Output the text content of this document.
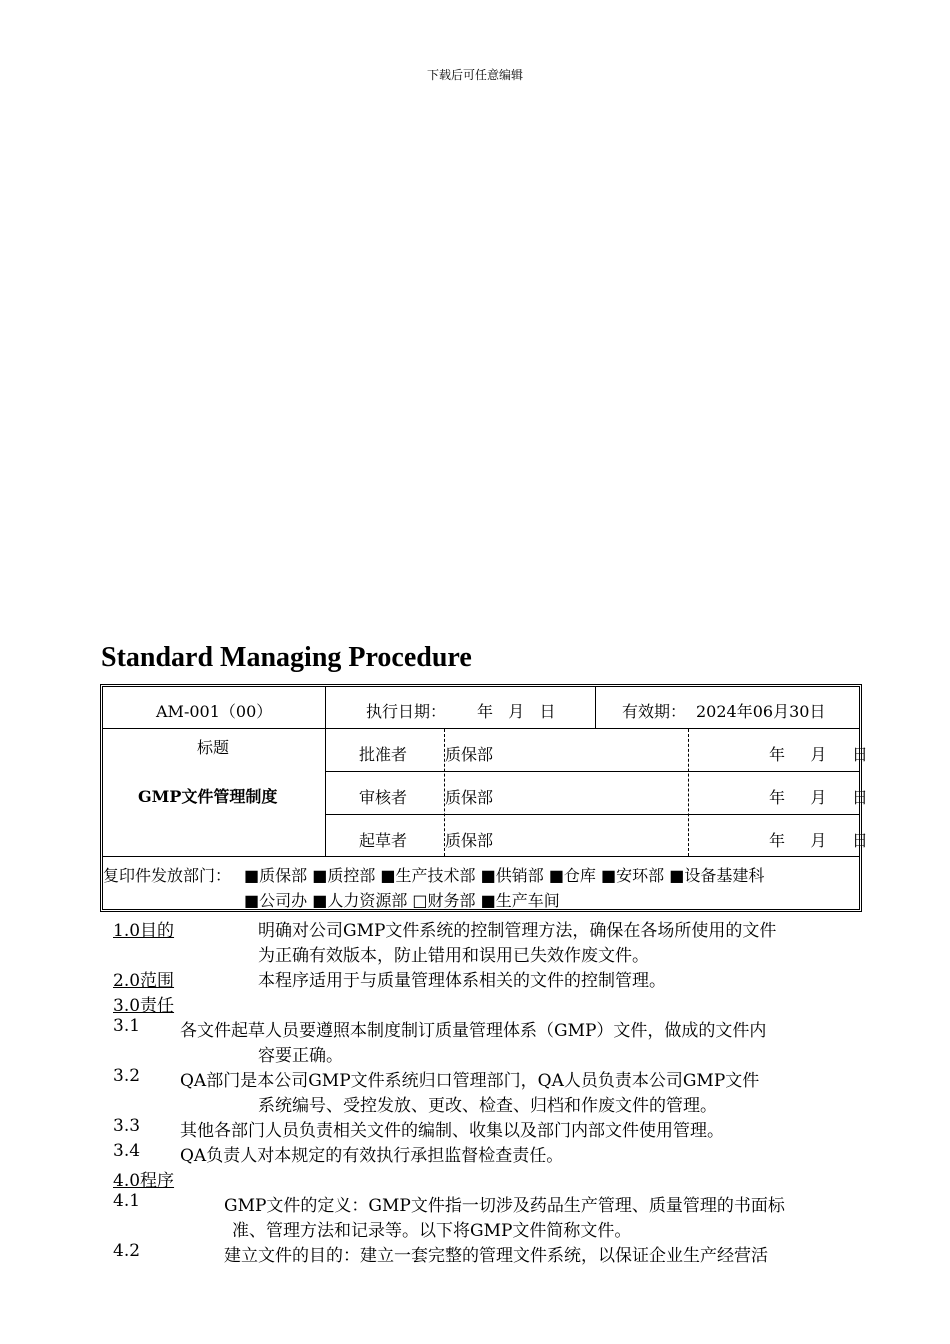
下载后可任意编辑
Standard Managing Procedure
AM-001（00）	执行日期： 年   月   日	有效期： 2024年06月30日
标题
GMP文件管理制度
批准者 质保部	年     月     日
审核者 质保部	年     月     日
起草者 质保部	年     月     日
复印件发放部门： ■质保部 ■质控部 ■生产技术部 ■供销部 ■仓库 ■安环部 ■设备基建科
■公司办 ■人力资源部 □财务部 ■生产车间
1.0目的	明确对公司GMP文件系统的控制管理方法，确保在各场所使用的文件
为正确有效版本，防止错用和误用已失效作废文件。
2.0范围	本程序适用于与质量管理体系相关的文件的控制管理。
3.0责任
3.1 各文件起草人员要遵照本制度制订质量管理体系（GMP）文件，做成的文件内
容要正确。
3.2 QA部门是本公司GMP文件系统归口管理部门，QA人员负责本公司GMP文件
系统编号、受控发放、更改、检查、归档和作废文件的管理。
3.3 其他各部门人员负责相关文件的编制、收集以及部门内部文件使用管理。
3.4 QA负责人对本规定的有效执行承担监督检查责任。
4.0程序
4.1	GMP文件的定义：GMP文件指一切涉及药品生产管理、质量管理的书面标
准、管理方法和记录等。以下将GMP文件简称文件。
4.2	建立文件的目的：建立一套完整的管理文件系统，以保证企业生产经营活
